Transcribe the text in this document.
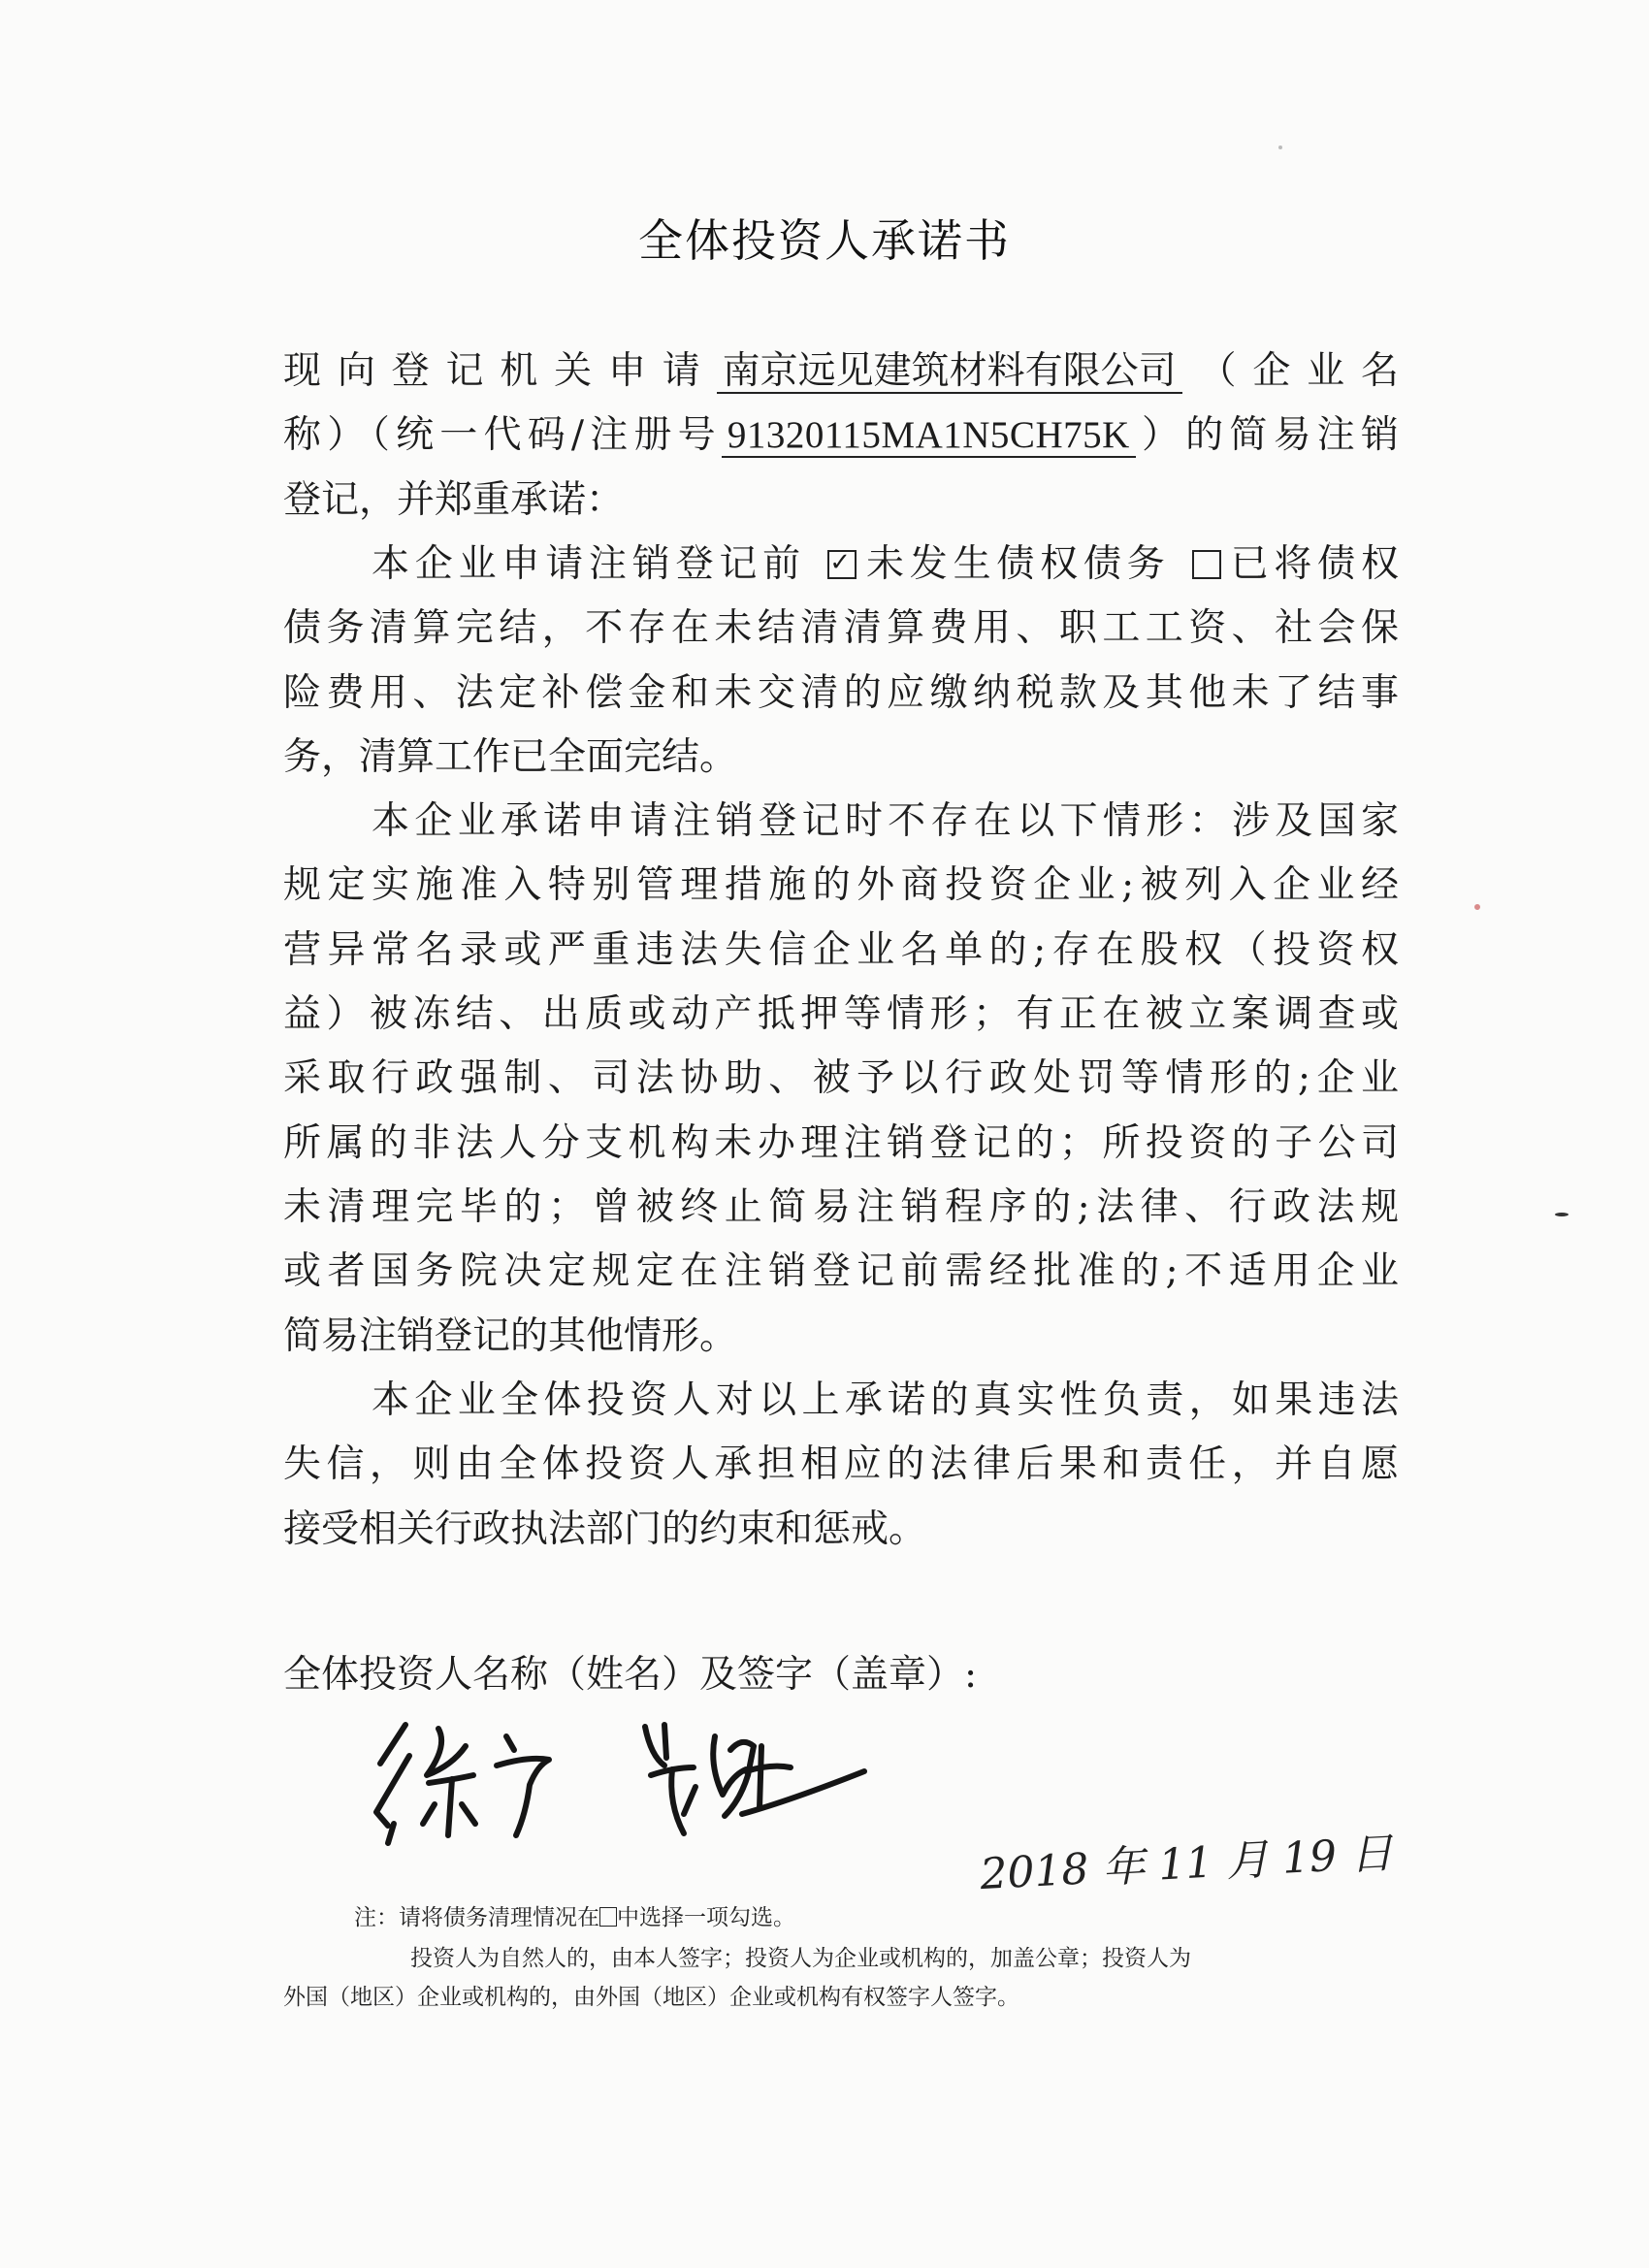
全体投资人承诺书
现向登记机关申请 南京远见建筑材料有限公司 （企业名
称）（统一代码/注册号 91320115MA1N5CH75K ）的简易注销
登记，并郑重承诺：
本企业申请注销登记前 ✓ 未发生债权债务 已将债权
债务清算完结，不存在未结清清算费用、职工工资、社会保
险费用、法定补偿金和未交清的应缴纳税款及其他未了结事
务，清算工作已全面完结。
本企业承诺申请注销登记时不存在以下情形：涉及国家
规定实施准入特别管理措施的外商投资企业;被列入企业经
营异常名录或严重违法失信企业名单的;存在股权（投资权
益）被冻结、出质或动产抵押等情形；有正在被立案调查或
采取行政强制、司法协助、被予以行政处罚等情形的;企业
所属的非法人分支机构未办理注销登记的；所投资的子公司
未清理完毕的；曾被终止简易注销程序的;法律、行政法规
或者国务院决定规定在注销登记前需经批准的;不适用企业
简易注销登记的其他情形。
本企业全体投资人对以上承诺的真实性负责，如果违法
失信，则由全体投资人承担相应的法律后果和责任，并自愿
接受相关行政执法部门的约束和惩戒。
全体投资人名称（姓名）及签字（盖章）:
2018 年 11 月 19 日
注：请将债务清理情况在 中选择一项勾选。
投资人为自然人的，由本人签字；投资人为企业或机构的，加盖公章；投资人为
外国（地区）企业或机构的，由外国（地区）企业或机构有权签字人签字。
